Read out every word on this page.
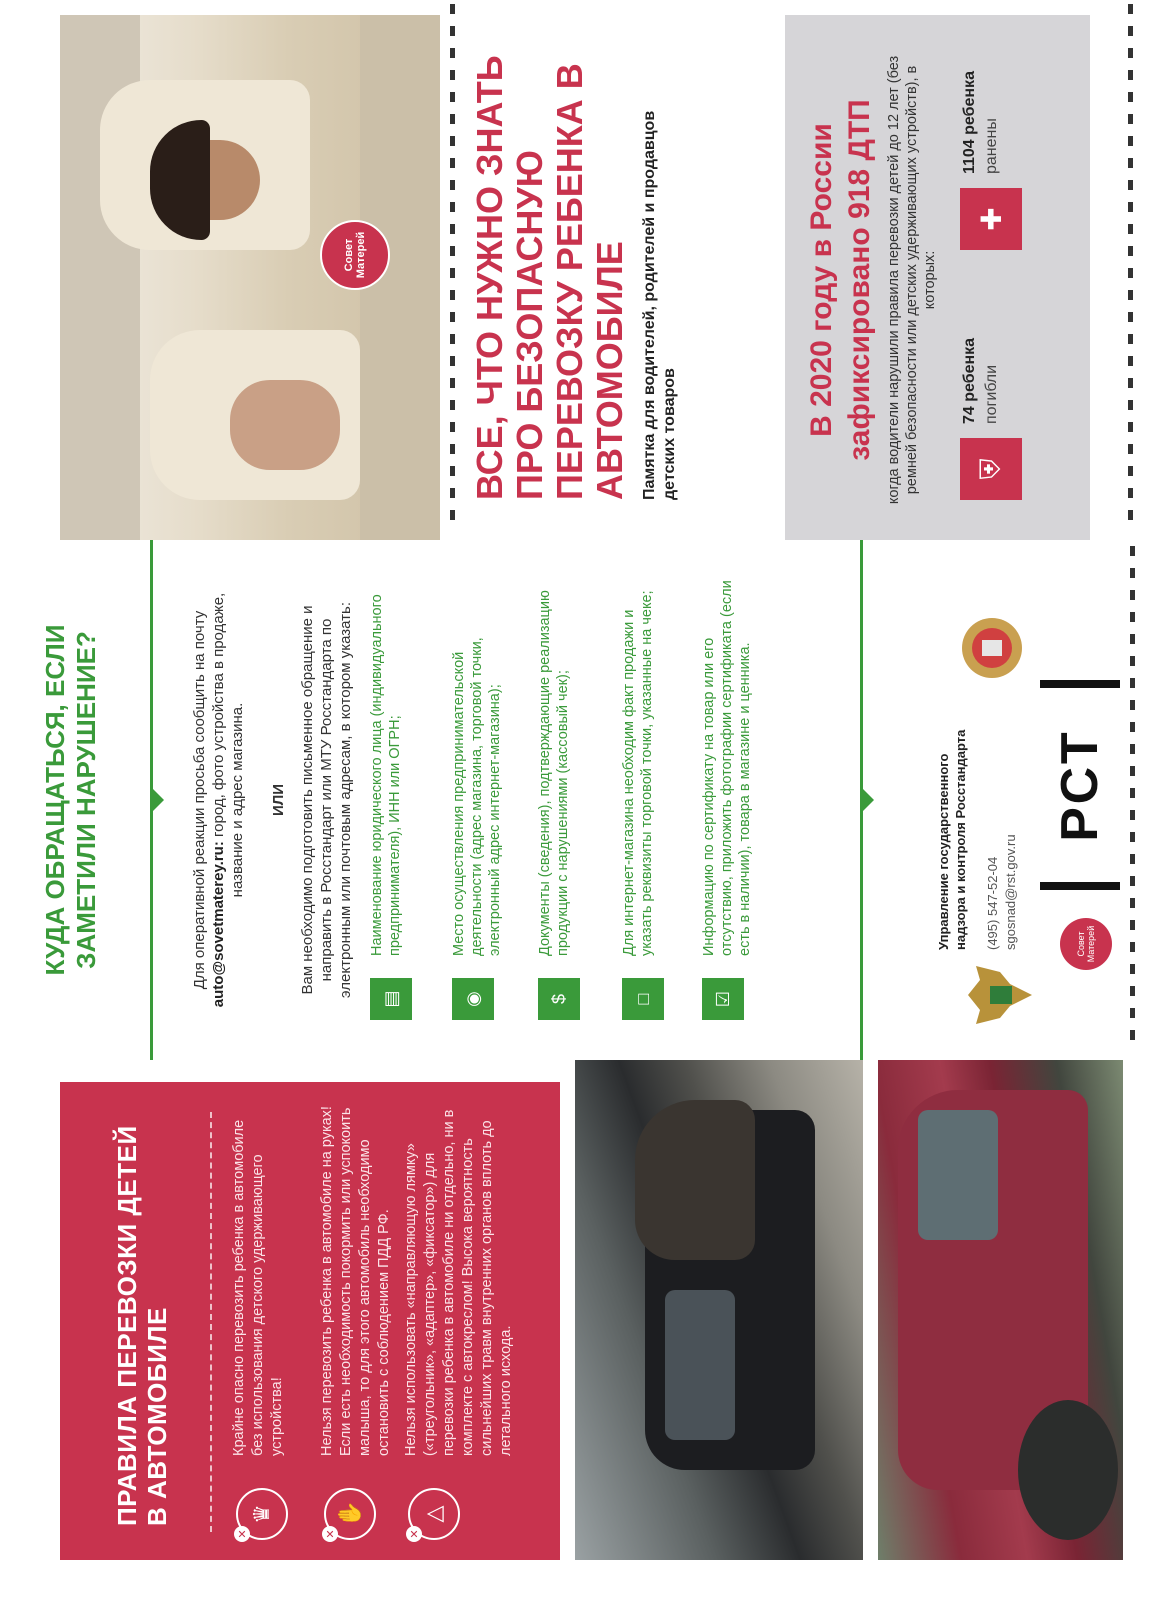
ПРАВИЛА ПЕРЕВОЗКИ ДЕТЕЙ В АВТОМОБИЛЕ
✕
♛
Крайне опасно перевозить ребенка в автомобиле без использования детского удерживающего устройства!
✕
✋
Нельзя перевозить ребенка в автомобиле на руках! Если есть необходимость покормить или успокоить малыша, то для этого автомобиль необходимо остановить с соблюдением ПДД РФ.
✕
△
Нельзя использовать «направляющую лямку» («треугольник», «адаптер», «фиксатор») для перевозки ребенка в автомобиле ни отдельно, ни в комплекте с автокреслом! Высока вероятность сильнейших травм внутренних органов вплоть до летального исхода.
КУДА ОБРАЩАТЬСЯ, ЕСЛИ ЗАМЕТИЛИ НАРУШЕНИЕ?	Для оперативной реакции просьба сообщить на почту auto@sovetmaterey.ru: город, фото устройства в продаже, название и адрес магазина. ИЛИ Вам необходимо подготовить письменное обращение и направить в Росстандарт или МТУ Росстандарта по электронным или почтовым адресам, в котором указать:
▤
Наименование юридического лица (индивидуального предпринимателя), ИНН или ОГРН;
◉
Место осуществления предпринимательской деятельности (адрес магазина, торговой точки, электронный адрес интернет-магазина);
$
Документы (сведения), подтверждающие реализацию продукции с нарушениями (кассовый чек);
□
Для интернет-магазина необходим факт продажи и указать реквизиты торговой точки, указанные на чеке;
☑
Информацию по сертификату на товар или его отсутствию, приложить фотографии сертификата (если есть в наличии), товара в магазине и ценника.	Управление государственного надзора и контроля Росстандарта (495) 547-52-04 sgosnad@rst.gov.ru	Совет Матерей
РСТ
Совет Матерей	ВСЕ, ЧТО НУЖНО ЗНАТЬ ПРО БЕЗОПАСНУЮ ПЕРЕВОЗКУ РЕБЕНКА В АВТОМОБИЛЕ Памятка для водителей, родителей и продавцов детских товаров	В 2020 году в России зафиксировано 918 ДТП когда водители нарушили правила перевозки детей до 12 лет (без ремней безопасности или детских удерживающих устройств), в которых:
⛨
74 ребенка погибли
✚
1104 ребенка ранены
